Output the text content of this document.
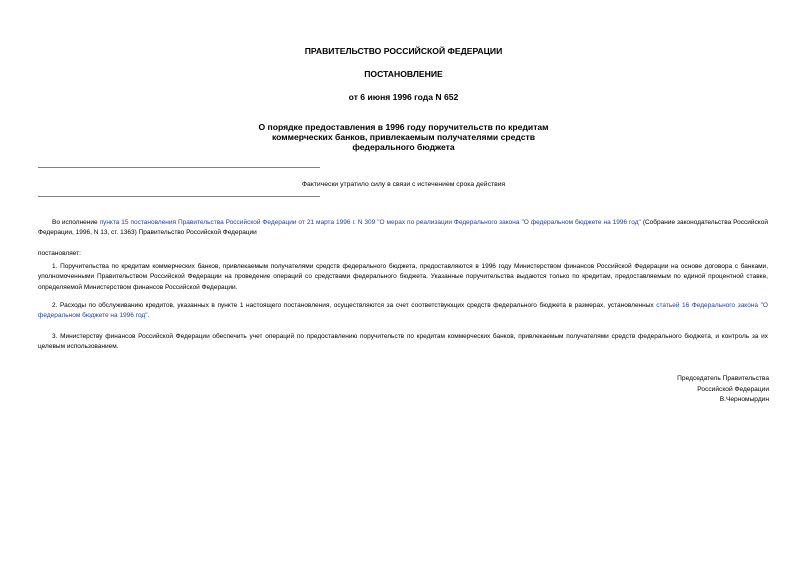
ПРАВИТЕЛЬСТВО РОССИЙСКОЙ ФЕДЕРАЦИИ
ПОСТАНОВЛЕНИЕ
от 6 июня 1996 года N 652
О порядке предоставления в 1996 году поручительств по кредитам
коммерческих банков, привлекаемым получателями средств
федерального бюджета
Фактически утратило силу в связи с истечением срока действия
Во исполнение пункта 15 постановления Правительства Российской Федерации от 21 марта 1996 г. N 309 "О мерах по реализации Федерального закона "О федеральном бюджете на 1996 год" (Собрание законодательства Российской Федерации, 1996, N 13, ст. 1363) Правительство Российской Федерации
постановляет:
1. Поручительства по кредитам коммерческих банков, привлекаемым получателями средств федерального бюджета, предоставляются в 1996 году Министерством финансов Российской Федерации на основе договора с банками, уполномоченными Правительством Российской Федерации на проведение операций со средствами федерального бюджета. Указанные поручительства выдаются только по кредитам, предоставляемым по единой процентной ставке, определяемой Министерством финансов Российской Федерации.
2. Расходы по обслуживанию кредитов, указанных в пункте 1 настоящего постановления, осуществляются за счет соответствующих средств федерального бюджета в размерах, установленных статьей 16 Федерального закона "О федеральном бюджете на 1996 год".
3. Министерству финансов Российской Федерации обеспечить учет операций по предоставлению поручительств по кредитам коммерческих банков, привлекаемым получателями средств федерального бюджета, и контроль за их целевым использованием.
Председатель Правительства
Российской Федерации
В.Черномырдин
